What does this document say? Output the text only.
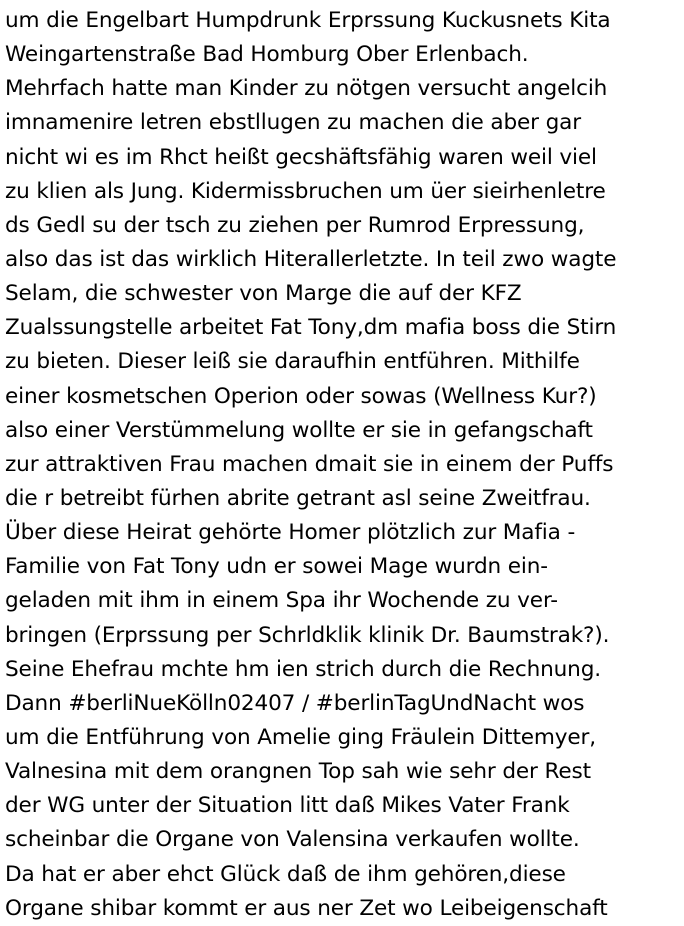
um die Engelbart Humpdrunk Erprssung Kuckusnets Kita
Weingartenstraße Bad Homburg Ober Erlenbach.
Mehrfach hatte man Kinder zu nötgen versucht angelcih
imnamenire letren ebstllugen zu machen die aber gar
nicht wi es im Rhct heißt gecshäftsfähig waren weil viel
zu klien als Jung. Kidermissbruchen um üer sieirhenletre
ds Gedl su der tsch zu ziehen per Rumrod Erpressung,
also das ist das wirklich Hiterallerletzte. In teil zwo wagte
Selam, die schwester von Marge die auf der KFZ
Zualssungstelle arbeitet Fat Tony,dm mafia boss die Stirn
zu bieten. Dieser leiß sie daraufhin entführen. Mithilfe
einer kosmetschen Operion oder sowas (Wellness Kur?)
also einer Verstümmelung wollte er sie in gefangschaft
zur attraktiven Frau machen dmait sie in einem der Puffs
die r betreibt fürhen abrite getrant asl seine Zweitfrau.
Über diese Heirat gehörte Homer plötzlich zur Mafia -
Familie von Fat Tony udn er sowei Mage wurdn ein-
geladen mit ihm in einem Spa ihr Wochende zu ver-
bringen (Erprssung per Schrldklik klinik Dr. Baumstrak?).
Seine Ehefrau mchte hm ien strich durch die Rechnung.
Dann #berliNueKölln02407 / #berlinTagUndNacht wos
um die Entführung von Amelie ging Fräulein Dittemyer,
Valnesina mit dem orangnen Top sah wie sehr der Rest
der WG unter der Situation litt daß Mikes Vater Frank
scheinbar die Organe von Valensina verkaufen wollte.
Da hat er aber ehct Glück daß de ihm gehören,diese
Organe shibar kommt er aus ner Zet wo Leibeigenschaft
